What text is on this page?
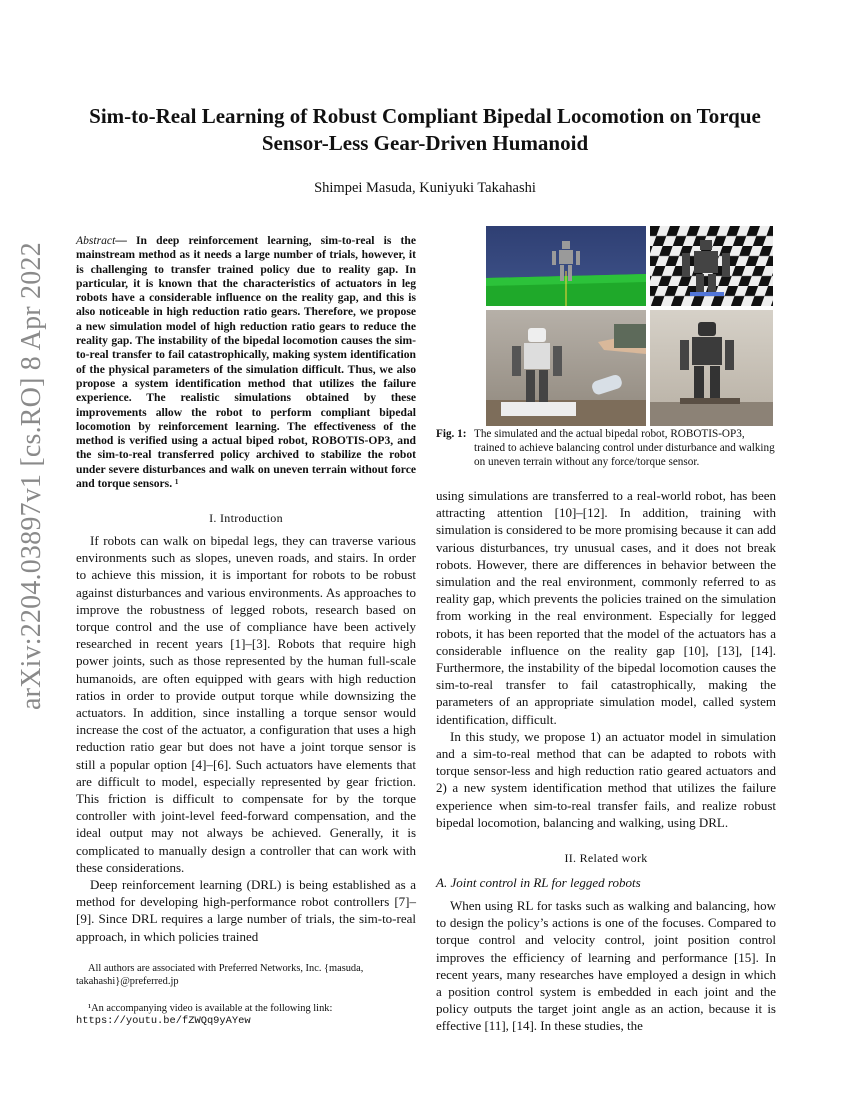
arXiv:2204.03897v1 [cs.RO] 8 Apr 2022
Sim-to-Real Learning of Robust Compliant Bipedal Locomotion on Torque Sensor-Less Gear-Driven Humanoid
Shimpei Masuda, Kuniyuki Takahashi
Abstract— In deep reinforcement learning, sim-to-real is the mainstream method as it needs a large number of trials, however, it is challenging to transfer trained policy due to reality gap. In particular, it is known that the characteristics of actuators in leg robots have a considerable influence on the reality gap, and this is also noticeable in high reduction ratio gears. Therefore, we propose a new simulation model of high reduction ratio gears to reduce the reality gap. The instability of the bipedal locomotion causes the sim-to-real transfer to fail catastrophically, making system identification of the physical parameters of the simulation difficult. Thus, we also propose a system identification method that utilizes the failure experience. The realistic simulations obtained by these improvements allow the robot to perform compliant bipedal locomotion by reinforcement learning. The effectiveness of the method is verified using a actual biped robot, ROBOTIS-OP3, and the sim-to-real transferred policy archived to stabilize the robot under severe disturbances and walk on uneven terrain without force and torque sensors. ¹
I. Introduction

If robots can walk on bipedal legs, they can traverse various environments such as slopes, uneven roads, and stairs. In order to achieve this mission, it is important for robots to be robust against disturbances and various environments. As approaches to improve the robustness of legged robots, research based on torque control and the use of compliance have been actively researched in recent years [1]–[3]. Robots that require high power joints, such as those represented by the human full-scale humanoids, are often equipped with gears with high reduction ratios in order to provide output torque while downsizing the actuators. In addition, since installing a torque sensor would increase the cost of the actuator, a configuration that uses a high reduction ratio gear but does not have a joint torque sensor is still a popular option [4]–[6]. Such actuators have elements that are difficult to model, especially represented by gear friction. This friction is difficult to compensate for by the torque controller with joint-level feed-forward compensation, and the ideal output may not always be achieved. Generally, it is complicated to manually design a controller that can work with these considerations.

Deep reinforcement learning (DRL) is being established as a method for developing high-performance robot controllers [7]–[9]. Since DRL requires a large number of trials, the sim-to-real approach, in which policies trained

All authors are associated with Preferred Networks, Inc. {masuda, takahashi}@preferred.jp
¹An accompanying video is available at the following link:
https://youtu.be/fZWQq9yAYew
Fig. 1: The simulated and the actual bipedal robot, ROBOTIS-OP3, trained to achieve balancing control under disturbance and walking on uneven terrain without any force/torque sensor.

using simulations are transferred to a real-world robot, has been attracting attention [10]–[12]. In addition, training with simulation is considered to be more promising because it can add various disturbances, try unusual cases, and it does not break robots. However, there are differences in behavior between the simulation and the real environment, commonly referred to as reality gap, which prevents the policies trained on the simulation from working in the real environment. Especially for legged robots, it has been reported that the model of the actuators has a considerable influence on the reality gap [10], [13], [14]. Furthermore, the instability of the bipedal locomotion causes the sim-to-real transfer to fail catastrophically, making the parameters of an appropriate simulation model, called system identification, difficult.

In this study, we propose 1) an actuator model in simulation and a sim-to-real method that can be adapted to robots with torque sensor-less and high reduction ratio geared actuators and 2) a new system identification method that utilizes the failure experience when sim-to-real transfer fails, and realize robust bipedal locomotion, balancing and walking, using DRL.

II. Related work
A. Joint control in RL for legged robots

When using RL for tasks such as walking and balancing, how to design the policy’s actions is one of the focuses. Compared to torque control and velocity control, joint position control improves the efficiency of learning and performance [15]. In recent years, many researches have employed a design in which a position control system is embedded in each joint and the policy outputs the target joint angle as an action, because it is effective [11], [14]. In these studies, the
